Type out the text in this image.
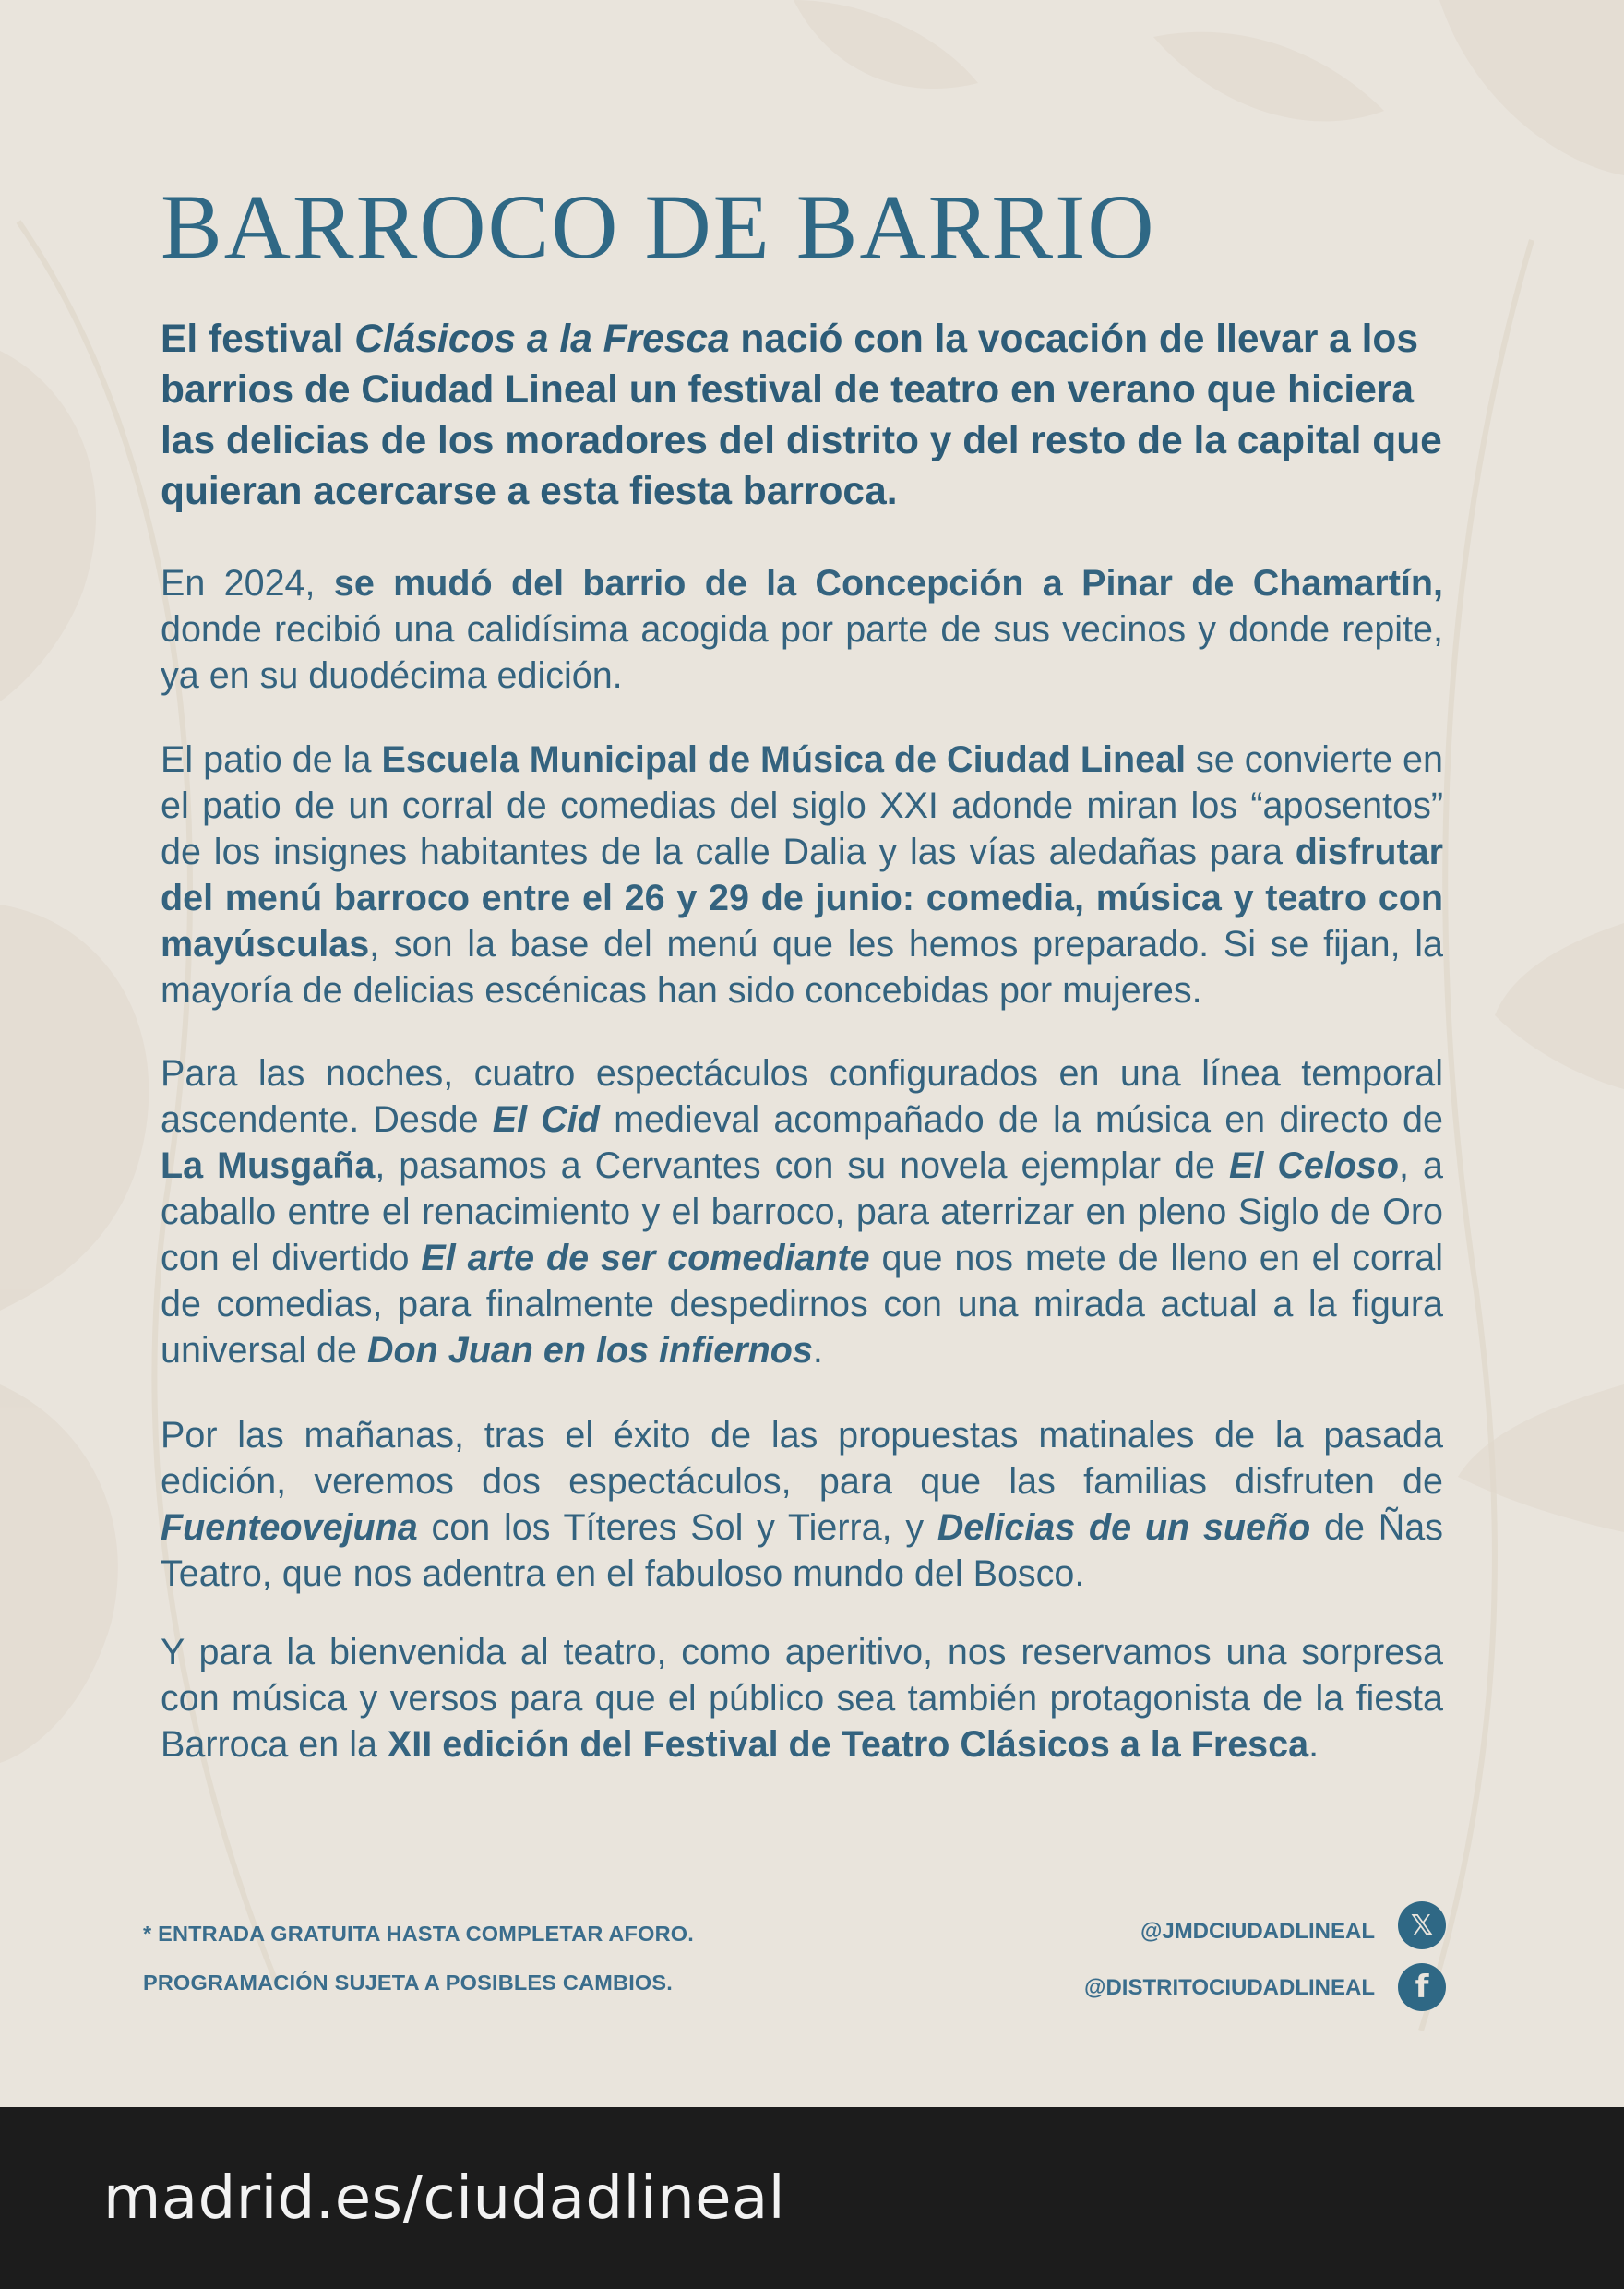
BARROCO DE BARRIO

El festival Clásicos a la Fresca nació con la vocación de llevar a los barrios de Ciudad Lineal un festival de teatro en verano que hiciera las delicias de los moradores del distrito y del resto de la capital que quieran acercarse a esta fiesta barroca.

En 2024, se mudó del barrio de la Concepción a Pinar de Chamartín, donde recibió una calidísima acogida por parte de sus vecinos y donde repite, ya en su duodécima edición.

El patio de la Escuela Municipal de Música de Ciudad Lineal se convierte en el patio de un corral de comedias del siglo XXI adonde miran los “aposentos” de los insignes habitantes de la calle Dalia y las vías aledañas para disfrutar del menú barroco entre el 26 y 29 de junio: comedia, música y teatro con mayúsculas, son la base del menú que les hemos preparado. Si se fijan, la mayoría de delicias escénicas han sido concebidas por mujeres.

Para las noches, cuatro espectáculos configurados en una línea temporal ascendente. Desde El Cid medieval acompañado de la música en directo de La Musgaña, pasamos a Cervantes con su novela ejemplar de El Celoso, a caballo entre el renacimiento y el barroco, para aterrizar en pleno Siglo de Oro con el divertido El arte de ser comediante que nos mete de lleno en el corral de comedias, para finalmente despedirnos con una mirada actual a la figura universal de Don Juan en los infiernos.

Por las mañanas, tras el éxito de las propuestas matinales de la pasada edición, veremos dos espectáculos, para que las familias disfruten de Fuenteovejuna con los Títeres Sol y Tierra, y Delicias de un sueño de Ñas Teatro, que nos adentra en el fabuloso mundo del Bosco.

Y para la bienvenida al teatro, como aperitivo, nos reservamos una sorpresa con música y versos para que el público sea también protagonista de la fiesta Barroca en la XII edición del Festival de Teatro Clásicos a la Fresca.

* ENTRADA GRATUITA HASTA COMPLETAR AFORO.

PROGRAMACIÓN SUJETA A POSIBLES CAMBIOS.

@JMDCIUDADLINEAL	𝕏

@DISTRITOCIUDADLINEAL	f

madrid.es/ciudadlineal
